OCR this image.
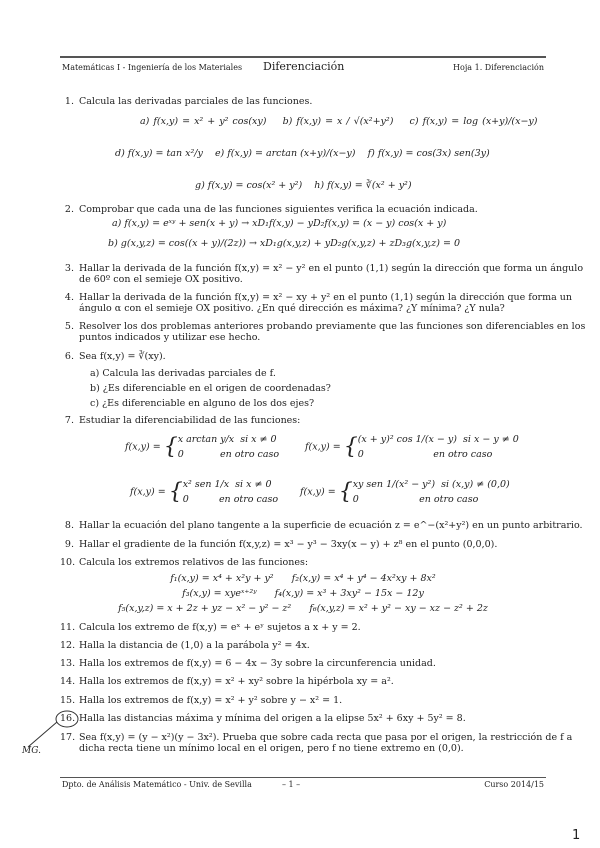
Matemáticas I - Ingeniería de los Materiales Diferenciación	Hoja 1. Diferenciación
1. Calcula las derivadas parciales de las funciones.
a) f(x,y) = x² + y² cos(xy) b) f(x,y) = x / √(x²+y²) c) f(x,y) = log (x+y)/(x−y)
d) f(x,y) = tan x²/y e) f(x,y) = arctan (x+y)/(x−y) f) f(x,y) = cos(3x) sen(3y)
g) f(x,y) = cos(x² + y²) h) f(x,y) = ∛(x² + y²)
2. Comprobar que cada una de las funciones siguientes verifica la ecuación indicada.
a) f(x,y) = eˣʸ + sen(x + y) → xD₁f(x,y) − yD₂f(x,y) = (x − y) cos(x + y)
b) g(x,y,z) = cos((x + y)/(2z)) → xD₁g(x,y,z) + yD₂g(x,y,z) + zD₃g(x,y,z) = 0
3. Hallar la derivada de la función f(x,y) = x² − y² en el punto (1,1) según la dirección que forma un ángulo
de 60º con el semieje OX positivo.
4. Hallar la derivada de la función f(x,y) = x² − xy + y² en el punto (1,1) según la dirección que forma un
ángulo α con el semieje OX positivo. ¿En qué dirección es máxima? ¿Y mínima? ¿Y nula?
5. Resolver los dos problemas anteriores probando previamente que las funciones son diferenciables en los
puntos indicados y utilizar ese hecho.
6. Sea f(x,y) = ∛(xy).
a) Calcula las derivadas parciales de f.
b) ¿Es diferenciable en el origen de coordenadas?
c) ¿Es diferenciable en alguno de los dos ejes?
7. Estudiar la diferenciabilidad de las funciones:
f(x,y) = {x arctan y/x si x ≠ 0
0	en otro caso
f(x,y) = {(x + y)² cos 1/(x − y) si x − y ≠ 0
0	en otro caso
f(x,y) = {x² sen 1/x si x ≠ 0
0	en otro caso
f(x,y) = {xy sen 1/(x² − y²) si (x,y) ≠ (0,0)
0	en otro caso
8. Hallar la ecuación del plano tangente a la superficie de ecuación z = e^−(x²+y²) en un punto arbitrario.
9. Hallar el gradiente de la función f(x,y,z) = x³ − y³ − 3xy(x − y) + z⁸ en el punto (0,0,0).
10. Calcula los extremos relativos de las funciones:
f₁(x,y) = x⁴ + x²y + y² f₂(x,y) = x⁴ + y⁴ − 4x²xy + 8x²
f₃(x,y) = xyeˣ⁺²ʸ f₄(x,y) = x³ + 3xy² − 15x − 12y
f₅(x,y,z) = x + 2z + yz − x² − y² − z² f₆(x,y,z) = x² + y² − xy − xz − z² + 2z
11. Calcula los extremo de f(x,y) = eˣ + eʸ sujetos a x + y = 2.
12. Halla la distancia de (1,0) a la parábola y² = 4x.
13. Halla los extremos de f(x,y) = 6 − 4x − 3y sobre la circunferencia unidad.
14. Halla los extremos de f(x,y) = x² + xy² sobre la hipérbola xy = a².
15. Halla los extremos de f(x,y) = x² + y² sobre y − x² = 1.
16. Halla las distancias máxima y mínima del origen a la elipse 5x² + 6xy + 5y² = 8.
17. Sea f(x,y) = (y − x²)(y − 3x²). Prueba que sobre cada recta que pasa por el origen, la restricción de f a
dicha recta tiene un mínimo local en el origen, pero f no tiene extremo en (0,0).
MG.
Dpto. de Análisis Matemático - Univ. de Sevilla	– 1 –	Curso 2014/15
1
